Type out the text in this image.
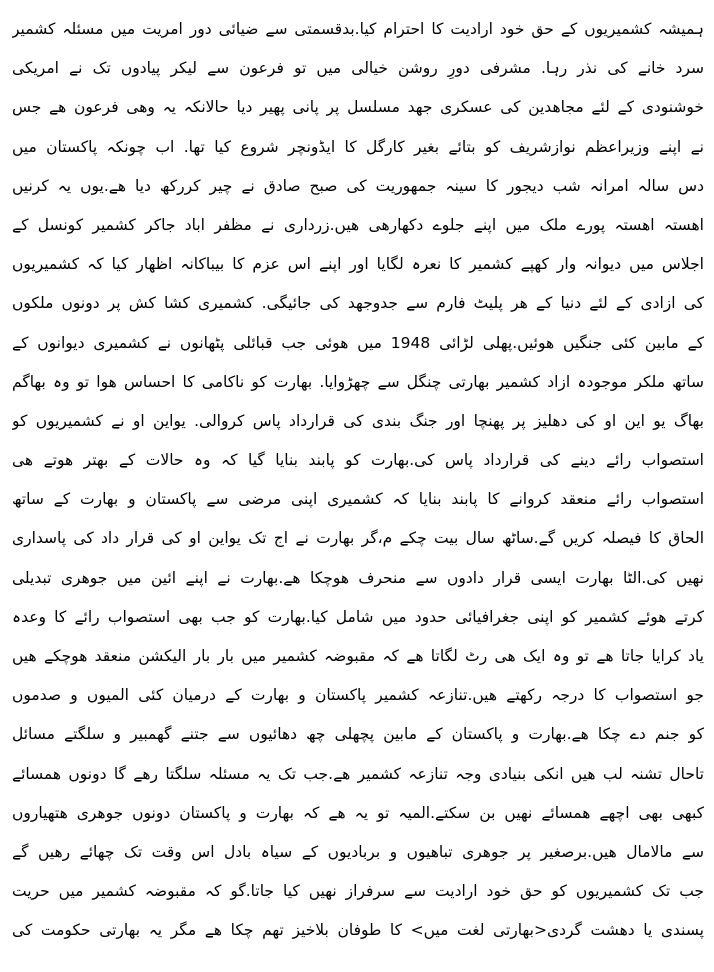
ہمیشہ کشمیریوں کے حق خود ارادیت کا احترام کیا.بدقسمتی سے ضیائی دور امریت میں مسئلہ کشمیر
سرد خانے کی نذر رہا. مشرفی دورِ روشن خیالی میں تو فرعون سے لیکر پیادوں تک نے امریکی
خوشنودی کے لئے مجاھدین کی عسکری جھد مسلسل پر پانی پھیر دیا حالانکہ یہ وھی فرعون ھے جس
نے اپنے وزیراعظم نوازشریف کو بتائے بغیر کارگل کا ایڈونچر شروع کیا تھا. اب چونکہ پاکستان میں
دس سالہ امرانہ شب دیجور کا سینہ جمھوریت کی صبح صادق نے چیر کررکھ دیا ھے.یوں یہ کرنیں
اھستہ اھستہ پورے ملک میں اپنے جلوے دکھارھی ھیں.زرداری نے مظفر اباد جاکر کشمیر کونسل کے
اجلاس میں دیوانہ وار کھپے کشمیر کا نعرہ لگایا اور اپنے اس عزم کا بیباکانہ اظھار کیا کہ کشمیریوں
کی ازادی کے لئے دنیا کے ھر پلیٹ فارم سے جدوجھد کی جائیگی. کشمیری کشا کش پر دونوں ملکوں
کے مابین کئی جنگیں ھوئیں.پھلی لڑائی 1948 میں ھوئی جب قبائلی پٹھانوں نے کشمیری دیوانوں کے
ساتھ ملکر موجودہ ازاد کشمیر بھارتی چنگل سے چھڑوایا. بھارت کو ناکامی کا احساس ھوا تو وہ بھاگم
بھاگ یو این او کی دھلیز پر پھنچا اور جنگ بندی کی قرارداد پاس کروالی. یواین او نے کشمیریوں کو
استصواب رائے دینے کی قرارداد پاس کی.بھارت کو پابند بنایا گیا کہ وہ حالات کے بھتر ھوتے ھی
استصواب رائے منعقد کروانے کا پابند بنایا کہ کشمیری اپنی مرضی سے پاکستان و بھارت کے ساتھ
الحاق کا فیصلہ کریں گے.ساٹھ سال بیت چکے م،گر بھارت نے اج تک یواین او کی قرار داد کی پاسداری
نھیں کی.الٹا بھارت ایسی قرار دادوں سے منحرف ھوچکا ھے.بھارت نے اپنے ائین میں جوھری تبدیلی
کرتے ھوئے کشمیر کو اپنی جغرافیائی حدود میں شامل کیا.بھارت کو جب بھی استصواب رائے کا وعدہ
یاد کرایا جاتا ھے تو وہ ایک ھی رٹ لگاتا ھے کہ مقبوضہ کشمیر میں بار بار الیکشن منعقد ھوچکے ھیں
جو استصواب کا درجہ رکھتے ھیں.تنازعہ کشمیر پاکستان و بھارت کے درمیان کئی المیوں و صدموں
کو جنم دے چکا ھے.بھارت و پاکستان کے مابین پچھلی چھ دھائیوں سے جتنے گھمبیر و سلگتے مسائل
تاحال تشنہ لب ھیں انکی بنیادی وجہ تنازعہ کشمیر ھے.جب تک یہ مسئلہ سلگتا رھے گا دونوں ھمسائے
کبھی بھی اچھے ھمسائے نھیں بن سکتے.المیہ تو یہ ھے کہ بھارت و پاکستان دونوں جوھری ھتھیاروں
سے مالامال ھیں.برصغیر پر جوھری تباھیوں و بربادیوں کے سیاہ بادل اس وقت تک چھائے رھیں گے
جب تک کشمیریوں کو حق خود ارادیت سے سرفراز نھیں کیا جاتا.گو کہ مقبوضہ کشمیر میں حریت
پسندی یا دھشت گردی<بھارتی لغت میں> کا طوفان بلاخیز تھم چکا ھے مگر یہ بھارتی حکومت کی
